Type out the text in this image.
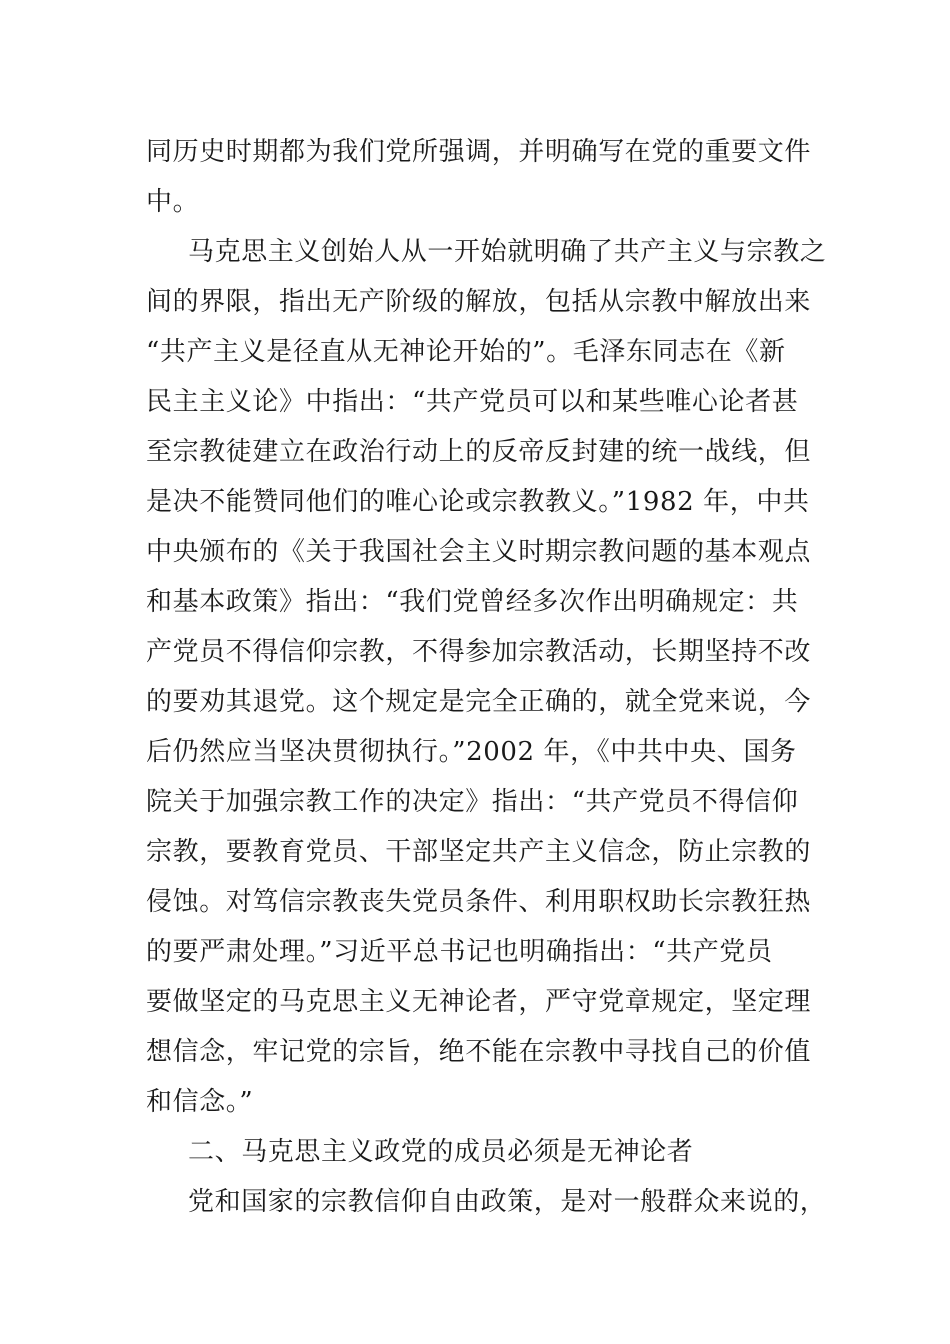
同历史时期都为我们党所强调，并明确写在党的重要文件
中。
马克思主义创始人从一开始就明确了共产主义与宗教之
间的界限，指出无产阶级的解放，包括从宗教中解放出来
“共产主义是径直从无神论开始的”。毛泽东同志在《新
民主主义论》中指出：“共产党员可以和某些唯心论者甚
至宗教徒建立在政治行动上的反帝反封建的统一战线，但
是决不能赞同他们的唯心论或宗教教义。”1982 年，中共
中央颁布的《关于我国社会主义时期宗教问题的基本观点
和基本政策》指出：“我们党曾经多次作出明确规定：共
产党员不得信仰宗教，不得参加宗教活动，长期坚持不改
的要劝其退党。这个规定是完全正确的，就全党来说，今
后仍然应当坚决贯彻执行。”2002 年，《中共中央、国务
院关于加强宗教工作的决定》指出：“共产党员不得信仰
宗教，要教育党员、干部坚定共产主义信念，防止宗教的
侵蚀。对笃信宗教丧失党员条件、利用职权助长宗教狂热
的要严肃处理。”习近平总书记也明确指出：“共产党员
要做坚定的马克思主义无神论者，严守党章规定，坚定理
想信念，牢记党的宗旨，绝不能在宗教中寻找自己的价值
和信念。”
二、马克思主义政党的成员必须是无神论者
党和国家的宗教信仰自由政策，是对一般群众来说的，
